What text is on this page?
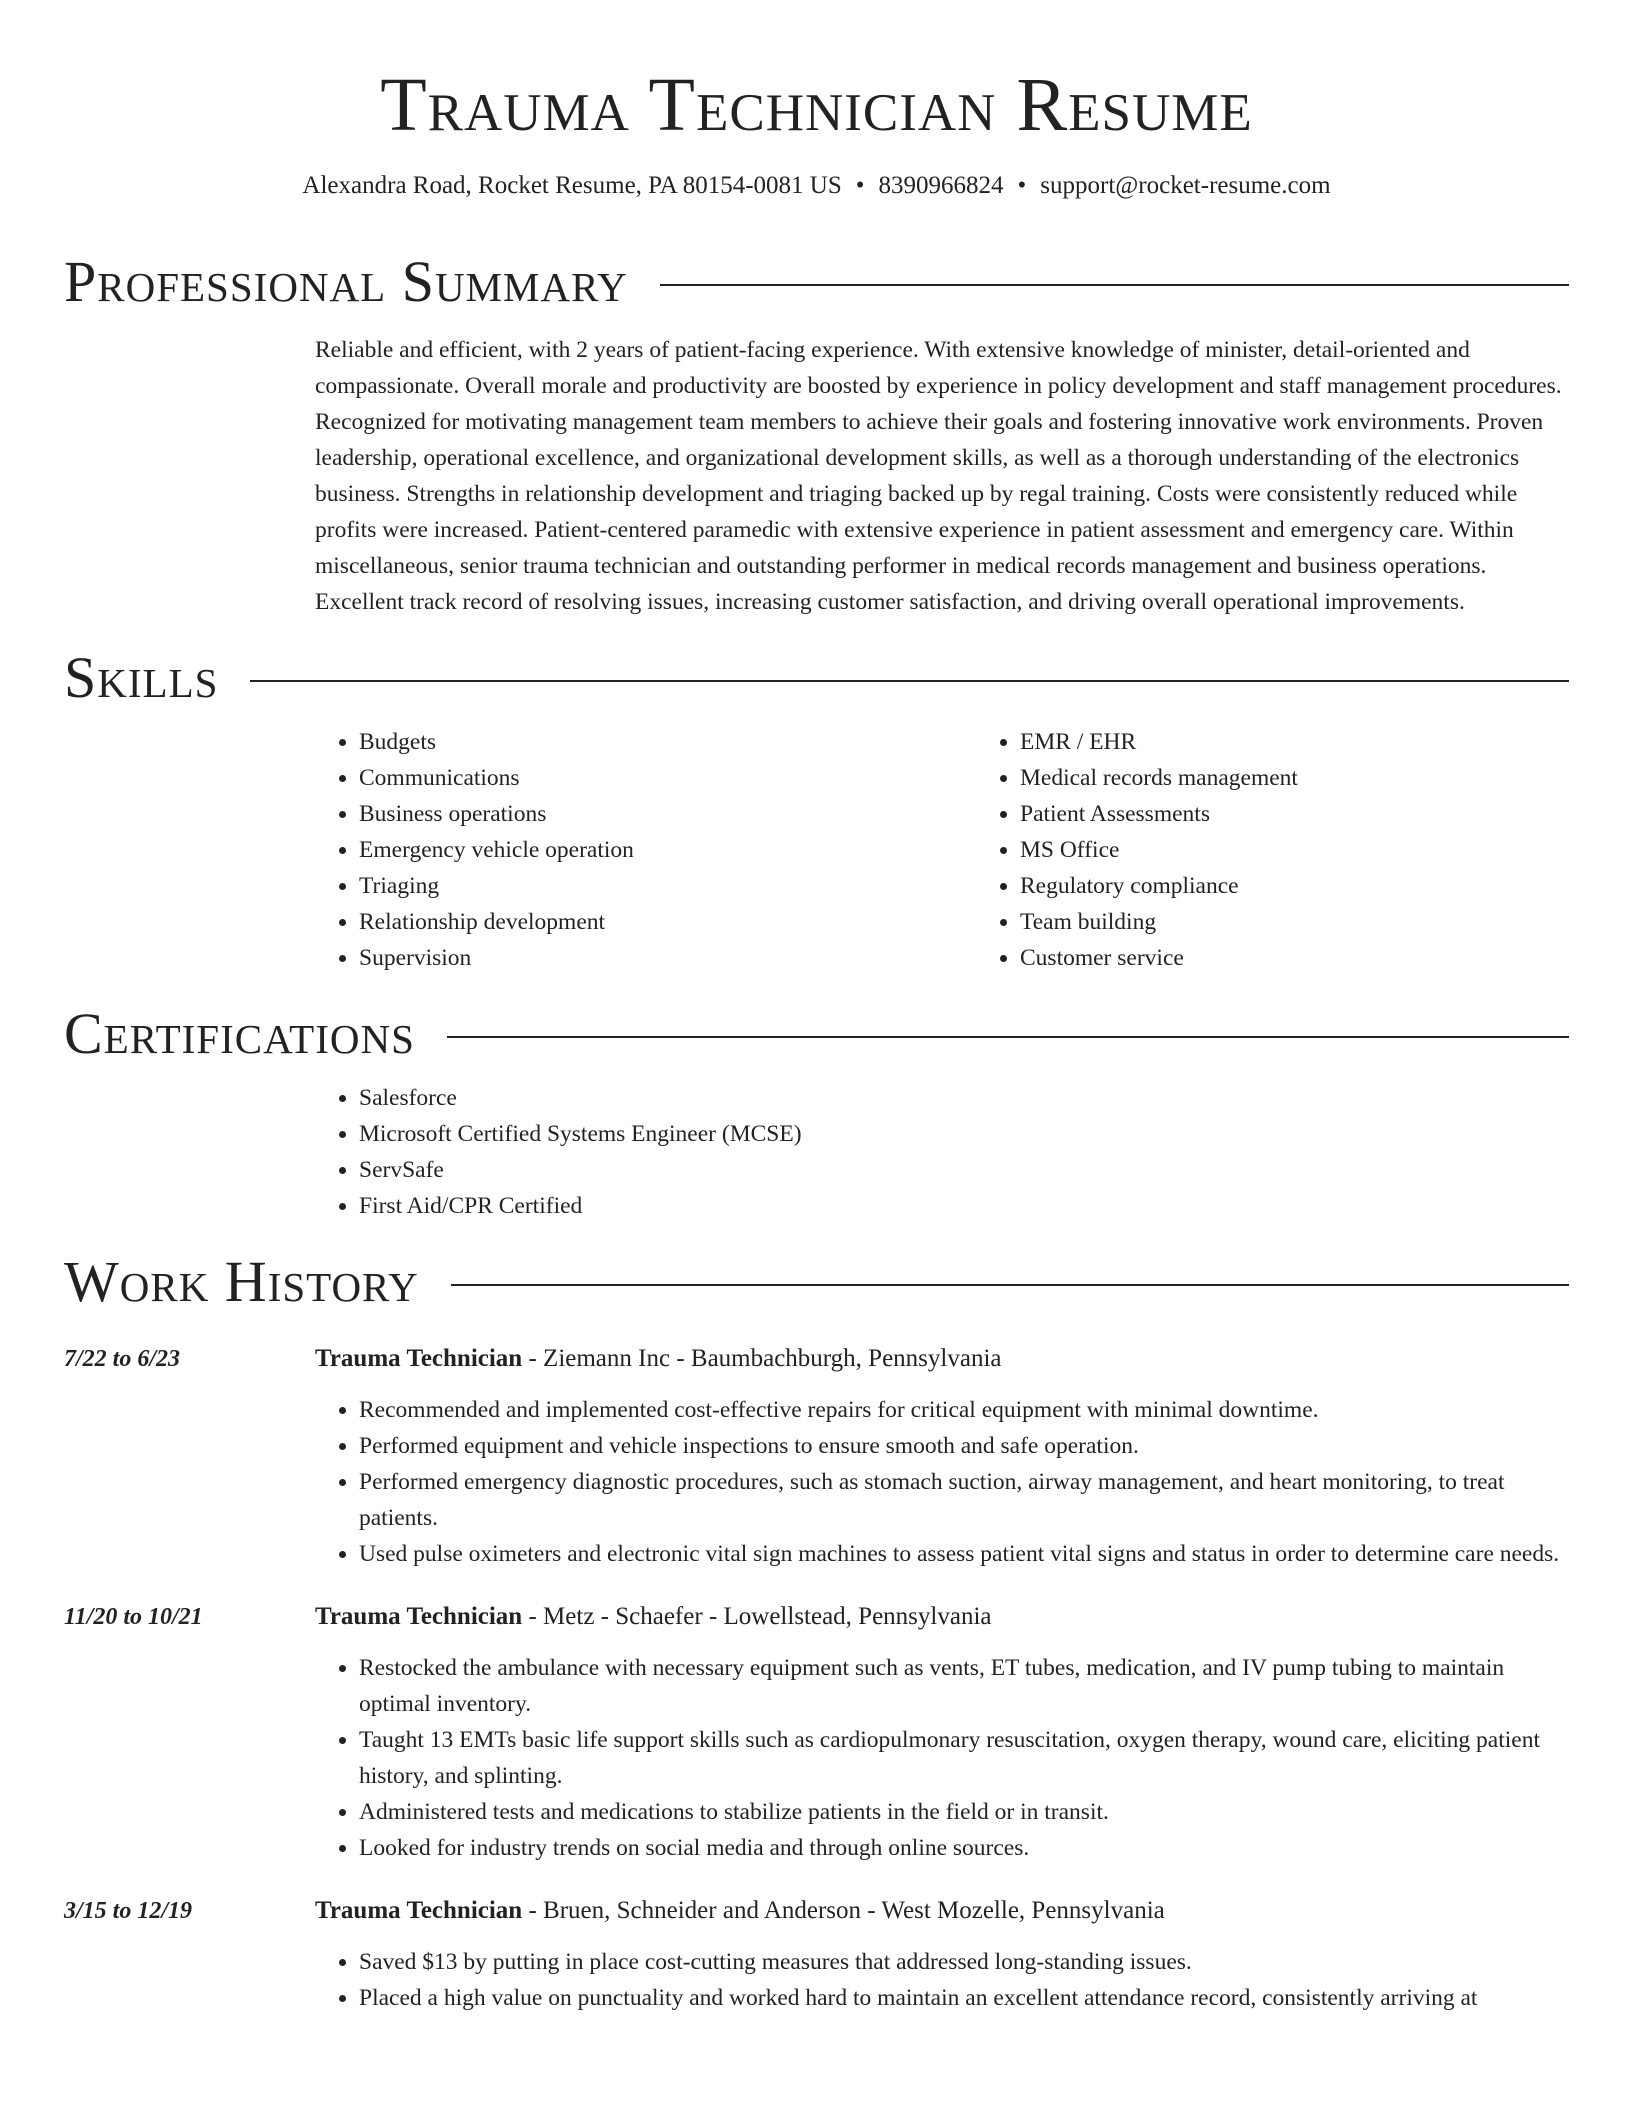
Trauma Technician Resume
Alexandra Road, Rocket Resume, PA 80154-0081 US • 8390966824 • support@rocket-resume.com
Professional Summary
Reliable and efficient, with 2 years of patient-facing experience. With extensive knowledge of minister, detail-oriented and compassionate. Overall morale and productivity are boosted by experience in policy development and staff management procedures. Recognized for motivating management team members to achieve their goals and fostering innovative work environments. Proven leadership, operational excellence, and organizational development skills, as well as a thorough understanding of the electronics business. Strengths in relationship development and triaging backed up by regal training. Costs were consistently reduced while profits were increased. Patient-centered paramedic with extensive experience in patient assessment and emergency care. Within miscellaneous, senior trauma technician and outstanding performer in medical records management and business operations. Excellent track record of resolving issues, increasing customer satisfaction, and driving overall operational improvements.
Skills
• Budgets
• Communications
• Business operations
• Emergency vehicle operation
• Triaging
• Relationship development
• Supervision
• EMR / EHR
• Medical records management
• Patient Assessments
• MS Office
• Regulatory compliance
• Team building
• Customer service
Certifications
• Salesforce
• Microsoft Certified Systems Engineer (MCSE)
• ServSafe
• First Aid/CPR Certified
Work History
7/22 to 6/23	Trauma Technician - Ziemann Inc - Baumbachburgh, Pennsylvania
• Recommended and implemented cost-effective repairs for critical equipment with minimal downtime.
• Performed equipment and vehicle inspections to ensure smooth and safe operation.
• Performed emergency diagnostic procedures, such as stomach suction, airway management, and heart monitoring, to treat patients.
• Used pulse oximeters and electronic vital sign machines to assess patient vital signs and status in order to determine care needs.
11/20 to 10/21	Trauma Technician - Metz - Schaefer - Lowellstead, Pennsylvania
• Restocked the ambulance with necessary equipment such as vents, ET tubes, medication, and IV pump tubing to maintain optimal inventory.
• Taught 13 EMTs basic life support skills such as cardiopulmonary resuscitation, oxygen therapy, wound care, eliciting patient history, and splinting.
• Administered tests and medications to stabilize patients in the field or in transit.
• Looked for industry trends on social media and through online sources.
3/15 to 12/19	Trauma Technician - Bruen, Schneider and Anderson - West Mozelle, Pennsylvania
• Saved $13 by putting in place cost-cutting measures that addressed long-standing issues.
• Placed a high value on punctuality and worked hard to maintain an excellent attendance record, consistently arriving at
